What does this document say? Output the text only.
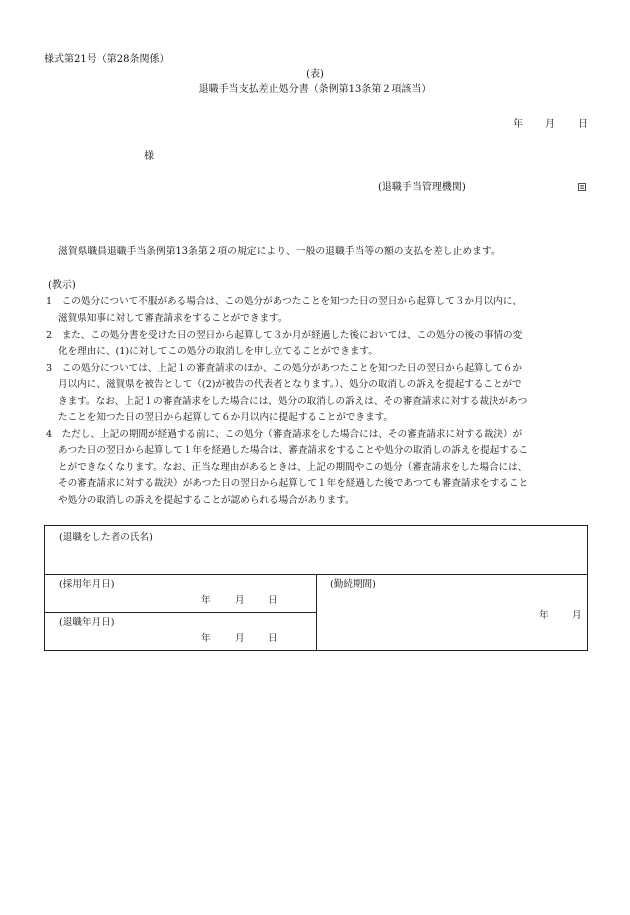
様式第21号（第28条関係）
(表)
退職手当支払差止処分書（条例第13条第２項該当）
年 月 日
様
(退職手当管理機関)
滋賀県職員退職手当条例第13条第２項の規定により、一般の退職手当等の額の支払を差し止めます。
(教示)
1　この処分について不服がある場合は、この処分があつたことを知つた日の翌日から起算して３か月以内に、
滋賀県知事に対して審査請求をすることができます。
2　また、この処分書を受けた日の翌日から起算して３か月が経過した後においては、この処分の後の事情の変
化を理由に、(1)に対してこの処分の取消しを申し立てることができます。
3　この処分については、上記１の審査請求のほか、この処分があつたことを知つた日の翌日から起算して６か
月以内に、滋賀県を被告として（(2)が被告の代表者となります。）、処分の取消しの訴えを提起することがで
きます。なお、上記１の審査請求をした場合には、処分の取消しの訴えは、その審査請求に対する裁決があつ
たことを知つた日の翌日から起算して６か月以内に提起することができます。
4　ただし、上記の期間が経過する前に、この処分（審査請求をした場合には、その審査請求に対する裁決）が
あつた日の翌日から起算して１年を経過した場合は、審査請求をすることや処分の取消しの訴えを提起するこ
とができなくなります。なお、正当な理由があるときは、上記の期間やこの処分（審査請求をした場合には、
その審査請求に対する裁決）があつた日の翌日から起算して１年を経過した後であつても審査請求をすること
や処分の取消しの訴えを提起することが認められる場合があります。
(退職をした者の氏名)
(採用年月日)
年	月 日
(退職年月日)
年	月 日
(勤続期間)
年 月
